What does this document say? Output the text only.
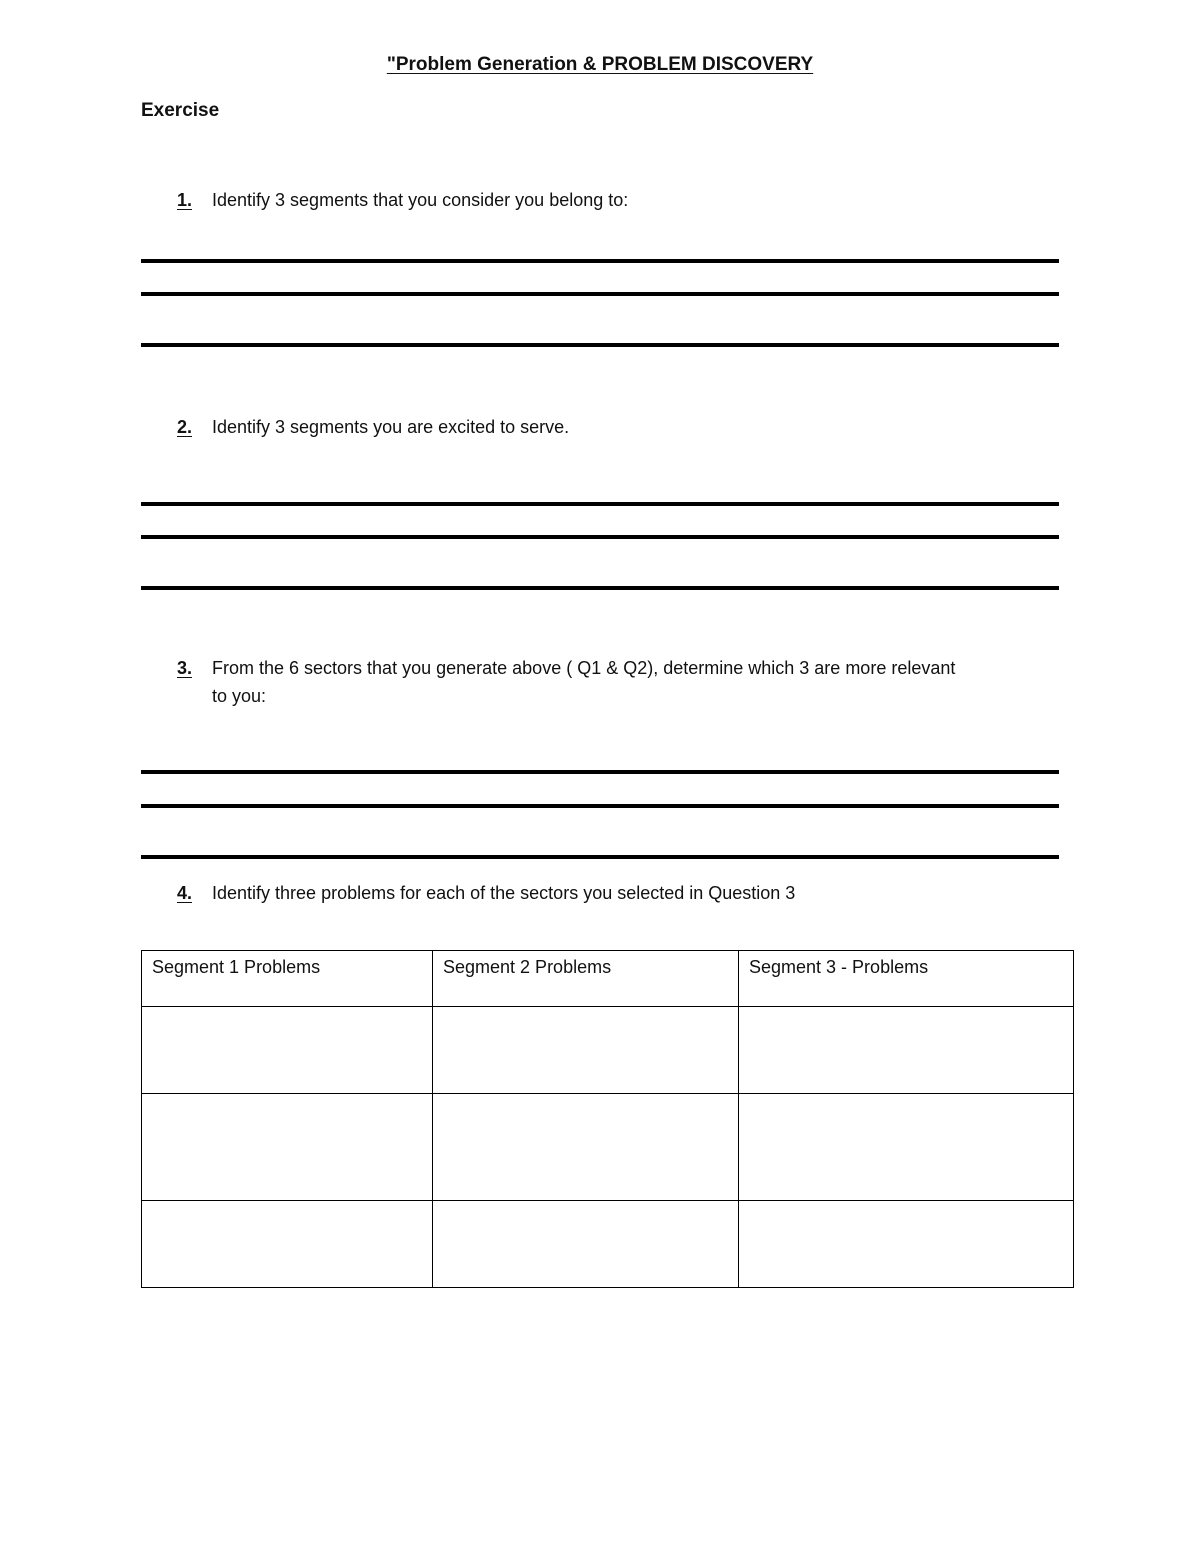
"Problem Generation & PROBLEM DISCOVERY
Exercise
1. Identify 3 segments that you consider you belong to:
2. Identify 3 segments you are excited to serve.
3. From the 6 sectors that you generate above ( Q1 & Q2), determine which 3 are more relevant
to you:
4. Identify three problems for each of the sectors you selected in Question 3
Segment 1 Problems	Segment 2 Problems	Segment 3 - Problems
